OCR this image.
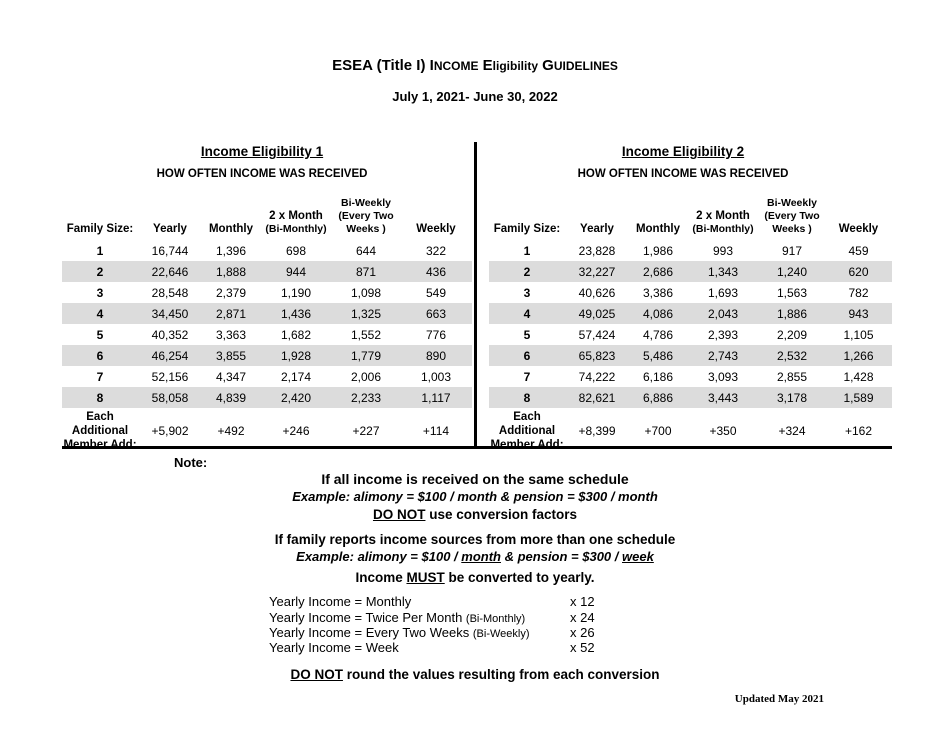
ESEA (Title I) INCOME Eligibility GUIDELINES
July 1, 2021- June 30, 2022
Income Eligibility 1
HOW OFTEN INCOME WAS RECEIVED
Income Eligibility 2
HOW OFTEN INCOME WAS RECEIVED
Family Size:	Yearly	Monthly	2 x Month
(Bi-Monthly)	Bi-Weekly
(Every Two
Weeks )	Weekly
1	16,744	1,396	698	644	322
2	22,646	1,888	944	871	436
3	28,548	2,379	1,190	1,098	549
4	34,450	2,871	1,436	1,325	663
5	40,352	3,363	1,682	1,552	776
6	46,254	3,855	1,928	1,779	890
7	52,156	4,347	2,174	2,006	1,003
8	58,058	4,839	2,420	2,233	1,117
Each
Additional
Member Add:	+5,902	+492	+246	+227	+114
Family Size:	Yearly	Monthly	2 x Month
(Bi-Monthly)	Bi-Weekly
(Every Two
Weeks )	Weekly
1	23,828	1,986	993	917	459
2	32,227	2,686	1,343	1,240	620
3	40,626	3,386	1,693	1,563	782
4	49,025	4,086	2,043	1,886	943
5	57,424	4,786	2,393	2,209	1,105
6	65,823	5,486	2,743	2,532	1,266
7	74,222	6,186	3,093	2,855	1,428
8	82,621	6,886	3,443	3,178	1,589
Each
Additional
Member Add:	+8,399	+700	+350	+324	+162
Note:
If all income is received on the same schedule
Example: alimony = $100 / month & pension = $300 / month
DO NOT use conversion factors
If family reports income sources from more than one schedule
Example: alimony = $100 / month & pension = $300 / week
Income MUST be converted to yearly.
Yearly Income = Monthly	x 12
Yearly Income = Twice Per Month (Bi-Monthly)	x 24
Yearly Income = Every Two Weeks (Bi-Weekly)	x 26
Yearly Income = Week	x 52
DO NOT round the values resulting from each conversion
Updated May 2021
